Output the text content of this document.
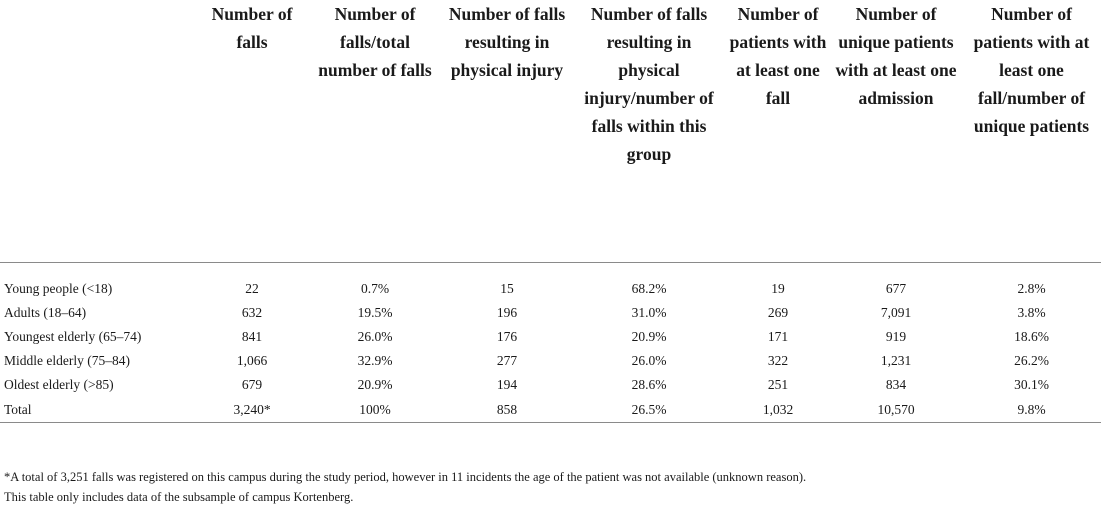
	Number of falls	Number of falls/total number of falls	Number of falls resulting in physical injury	Number of falls resulting in physical injury/number of falls within this group	Number of patients with at least one fall	Number of unique patients with at least one admission	Number of patients with at least one fall/number of unique patients

Young people (<18)	22	0.7%	15	68.2%	19	677	2.8%
Adults (18–64)	632	19.5%	196	31.0%	269	7,091	3.8%
Youngest elderly (65–74)	841	26.0%	176	20.9%	171	919	18.6%
Middle elderly (75–84)	1,066	32.9%	277	26.0%	322	1,231	26.2%
Oldest elderly (>85)	679	20.9%	194	28.6%	251	834	30.1%
Total	3,240*	100%	858	26.5%	1,032	10,570	9.8%
*A total of 3,251 falls was registered on this campus during the study period, however in 11 incidents the age of the patient was not available (unknown reason).
This table only includes data of the subsample of campus Kortenberg.
